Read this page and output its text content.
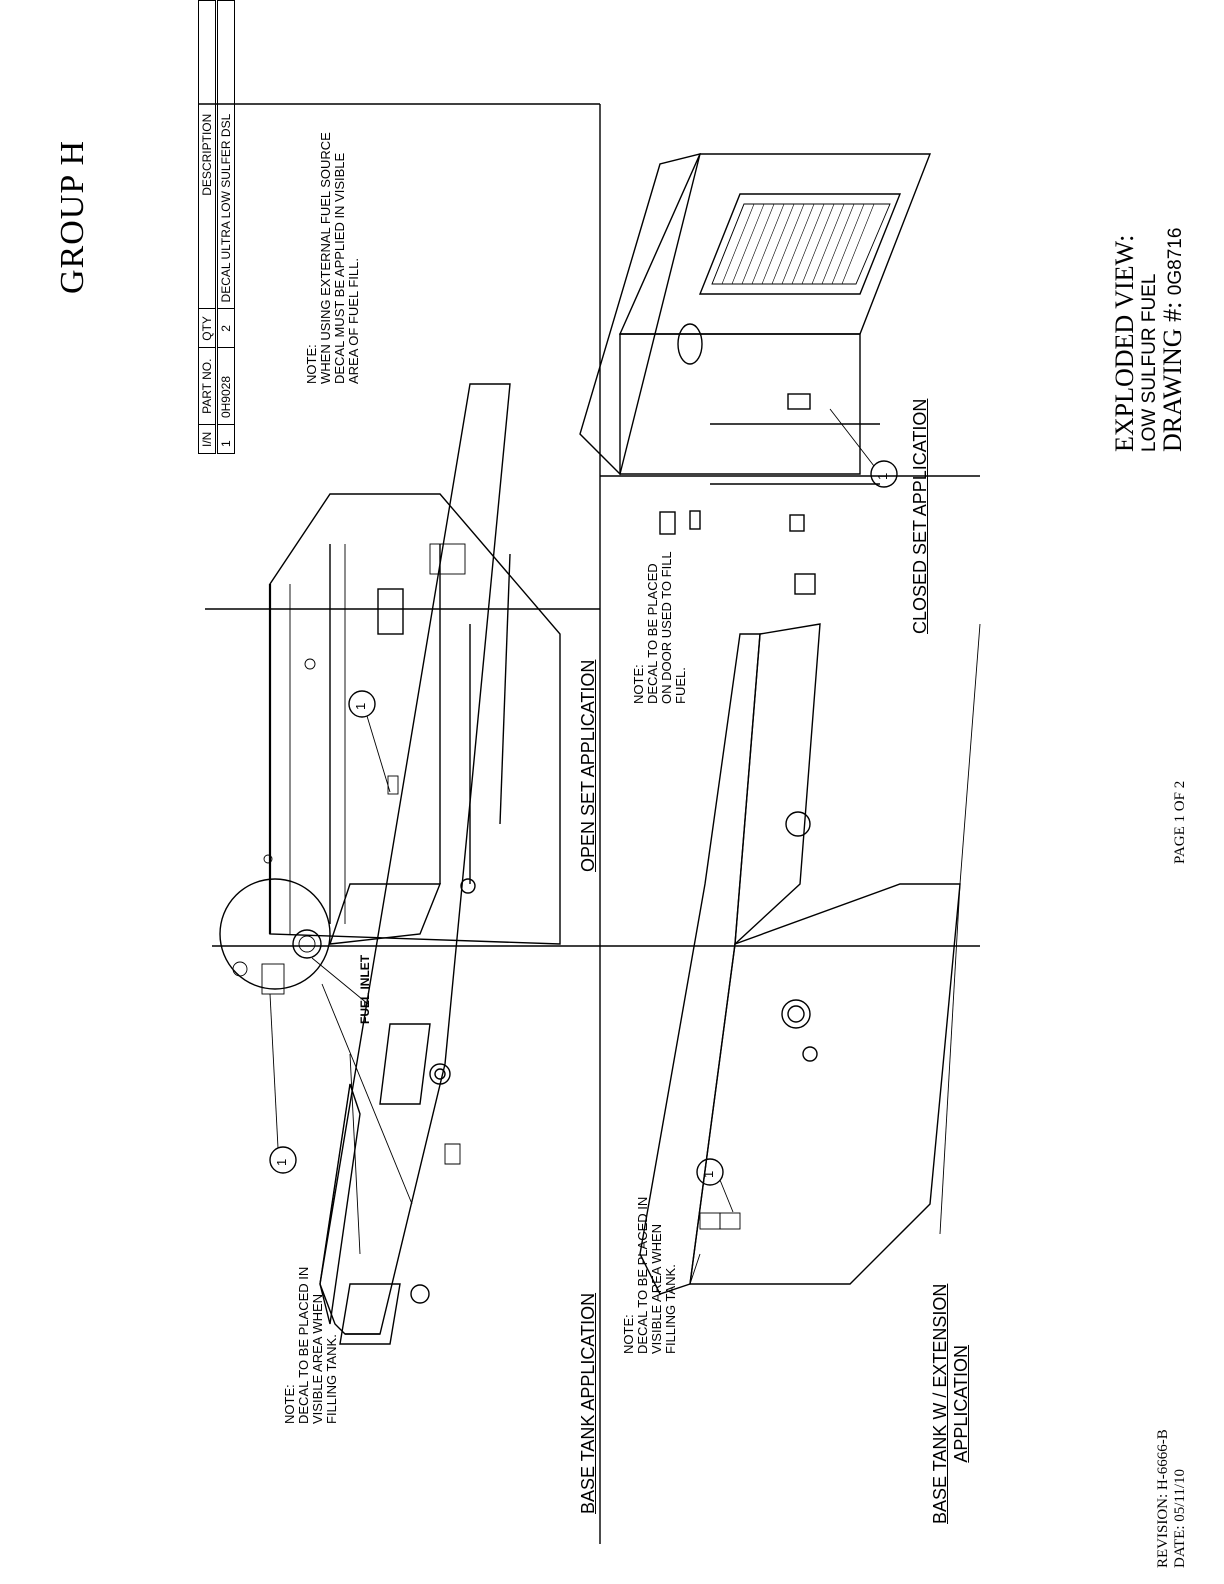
GROUP H
I/N	PART NO.	QTY	DESCRIPTION
1	0H9028	2	DECAL ULTRA LOW SULFER DSL
NOTE: WHEN USING EXTERNAL FUEL SOURCE DECAL MUST BE APPLIED IN VISIBLE AREA OF FUEL FILL.
NOTE: DECAL TO BE PLACED IN VISIBLE AREA WHEN FILLING TANK.
FUEL INLET
1
BASE TANK APPLICATION NOTE: DECAL TO BE PLACED IN VISIBLE AREA WHEN FILLING TANK.
1
BASE TANK W / EXTENSION APPLICATION
1	OPEN SET APPLICATION	NOTE: DECAL TO BE PLACED ON DOOR USED TO FILL FUEL.
1 CLOSED SET APPLICATION
EXPLODED VIEW: LOW SULFUR FUEL
DRAWING #: 0G8716
PAGE 1 OF 2
REVISION: H-6666-B DATE: 05/11/10
